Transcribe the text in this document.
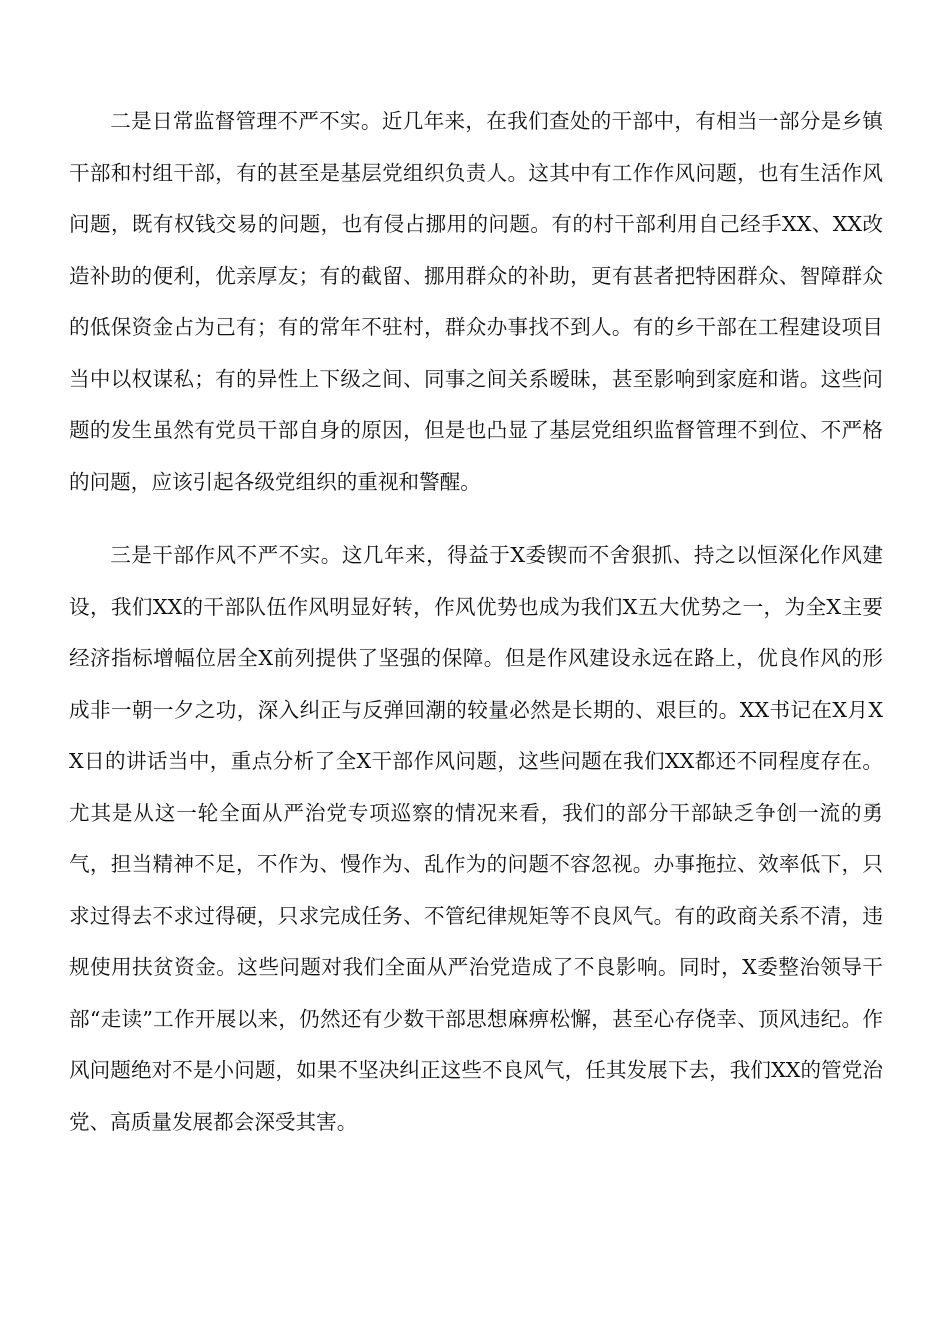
二是日常监督管理不严不实。近几年来，在我们查处的干部中，有相当一部分是乡镇干部和村组干部，有的甚至是基层党组织负责人。这其中有工作作风问题，也有生活作风问题，既有权钱交易的问题，也有侵占挪用的问题。有的村干部利用自己经手XX、XX改造补助的便利，优亲厚友；有的截留、挪用群众的补助，更有甚者把特困群众、智障群众的低保资金占为己有；有的常年不驻村，群众办事找不到人。有的乡干部在工程建设项目当中以权谋私；有的异性上下级之间、同事之间关系暧昧，甚至影响到家庭和谐。这些问题的发生虽然有党员干部自身的原因，但是也凸显了基层党组织监督管理不到位、不严格的问题，应该引起各级党组织的重视和警醒。

三是干部作风不严不实。这几年来，得益于X委锲而不舍狠抓、持之以恒深化作风建设，我们XX的干部队伍作风明显好转，作风优势也成为我们X五大优势之一，为全X主要经济指标增幅位居全X前列提供了坚强的保障。但是作风建设永远在路上，优良作风的形成非一朝一夕之功，深入纠正与反弹回潮的较量必然是长期的、艰巨的。XX书记在X月XX日的讲话当中，重点分析了全X干部作风问题，这些问题在我们XX都还不同程度存在。尤其是从这一轮全面从严治党专项巡察的情况来看，我们的部分干部缺乏争创一流的勇气，担当精神不足，不作为、慢作为、乱作为的问题不容忽视。办事拖拉、效率低下，只求过得去不求过得硬，只求完成任务、不管纪律规矩等不良风气。有的政商关系不清，违规使用扶贫资金。这些问题对我们全面从严治党造成了不良影响。同时，X委整治领导干部“走读”工作开展以来，仍然还有少数干部思想麻痹松懈，甚至心存侥幸、顶风违纪。作风问题绝对不是小问题，如果不坚决纠正这些不良风气，任其发展下去，我们XX的管党治党、高质量发展都会深受其害。
